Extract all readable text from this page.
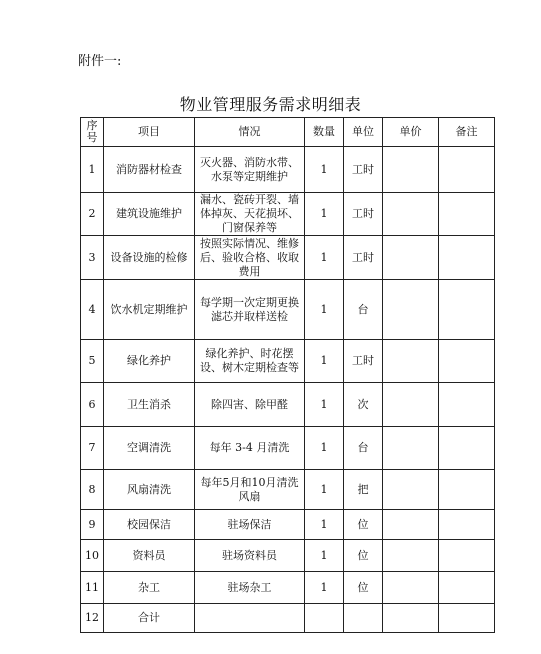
附件一:
物业管理服务需求明细表
序号	项目	情况	数量	单位	单价	备注
1	消防器材检查	灭火器、消防水带、水泵等定期维护	1	工时		
2	建筑设施维护	漏水、瓷砖开裂、墙体掉灰、天花损坏、门窗保养等	1	工时		
3	设备设施的检修	按照实际情况、维修后、验收合格、收取费用	1	工时		
4	饮水机定期维护	每学期一次定期更换滤芯并取样送检	1	台		
5	绿化养护	绿化养护、时花摆设、树木定期检查等	1	工时		
6	卫生消杀	除四害、除甲醛	1	次		
7	空调清洗	每年 3-4 月清洗	1	台		
8	风扇清洗	每年5月和10月清洗风扇	1	把		
9	校园保洁	驻场保洁	1	位		
10	资料员	驻场资料员	1	位		
11	杂工	驻场杂工	1	位		
12	合计					
